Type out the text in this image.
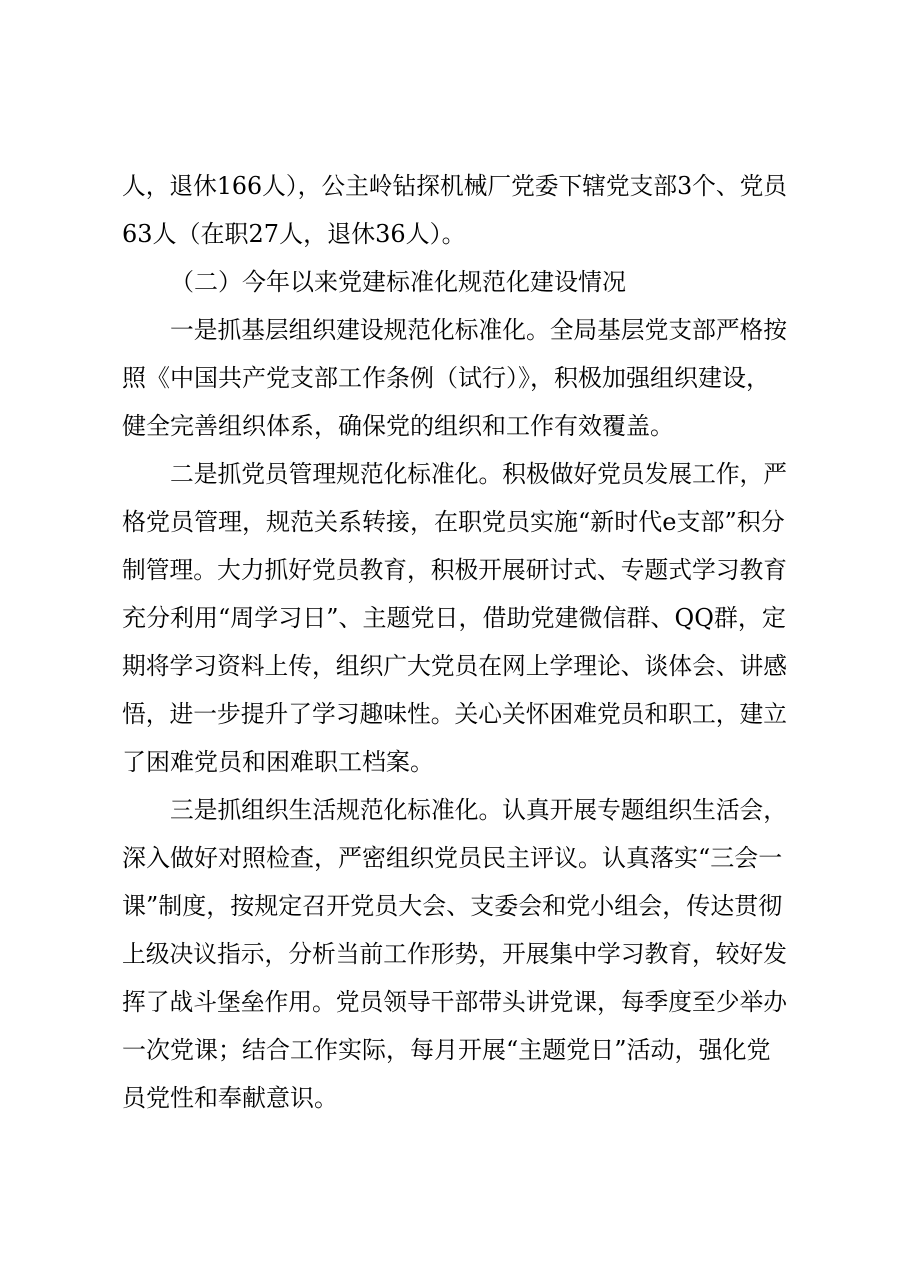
人，退休166人），公主岭钻探机械厂党委下辖党支部3个、党员
63人（在职27人，退休36人）。
（二）今年以来党建标准化规范化建设情况
一是抓基层组织建设规范化标准化。全局基层党支部严格按
照《中国共产党支部工作条例（试行）》，积极加强组织建设，
健全完善组织体系，确保党的组织和工作有效覆盖。
二是抓党员管理规范化标准化。积极做好党员发展工作，严
格党员管理，规范关系转接，在职党员实施“新时代e支部”积分
制管理。大力抓好党员教育，积极开展研讨式、专题式学习教育
充分利用“周学习日”、主题党日，借助党建微信群、QQ群，定
期将学习资料上传，组织广大党员在网上学理论、谈体会、讲感
悟，进一步提升了学习趣味性。关心关怀困难党员和职工，建立
了困难党员和困难职工档案。
三是抓组织生活规范化标准化。认真开展专题组织生活会，
深入做好对照检查，严密组织党员民主评议。认真落实“三会一
课”制度，按规定召开党员大会、支委会和党小组会，传达贯彻
上级决议指示，分析当前工作形势，开展集中学习教育，较好发
挥了战斗堡垒作用。党员领导干部带头讲党课，每季度至少举办
一次党课；结合工作实际，每月开展“主题党日”活动，强化党
员党性和奉献意识。
